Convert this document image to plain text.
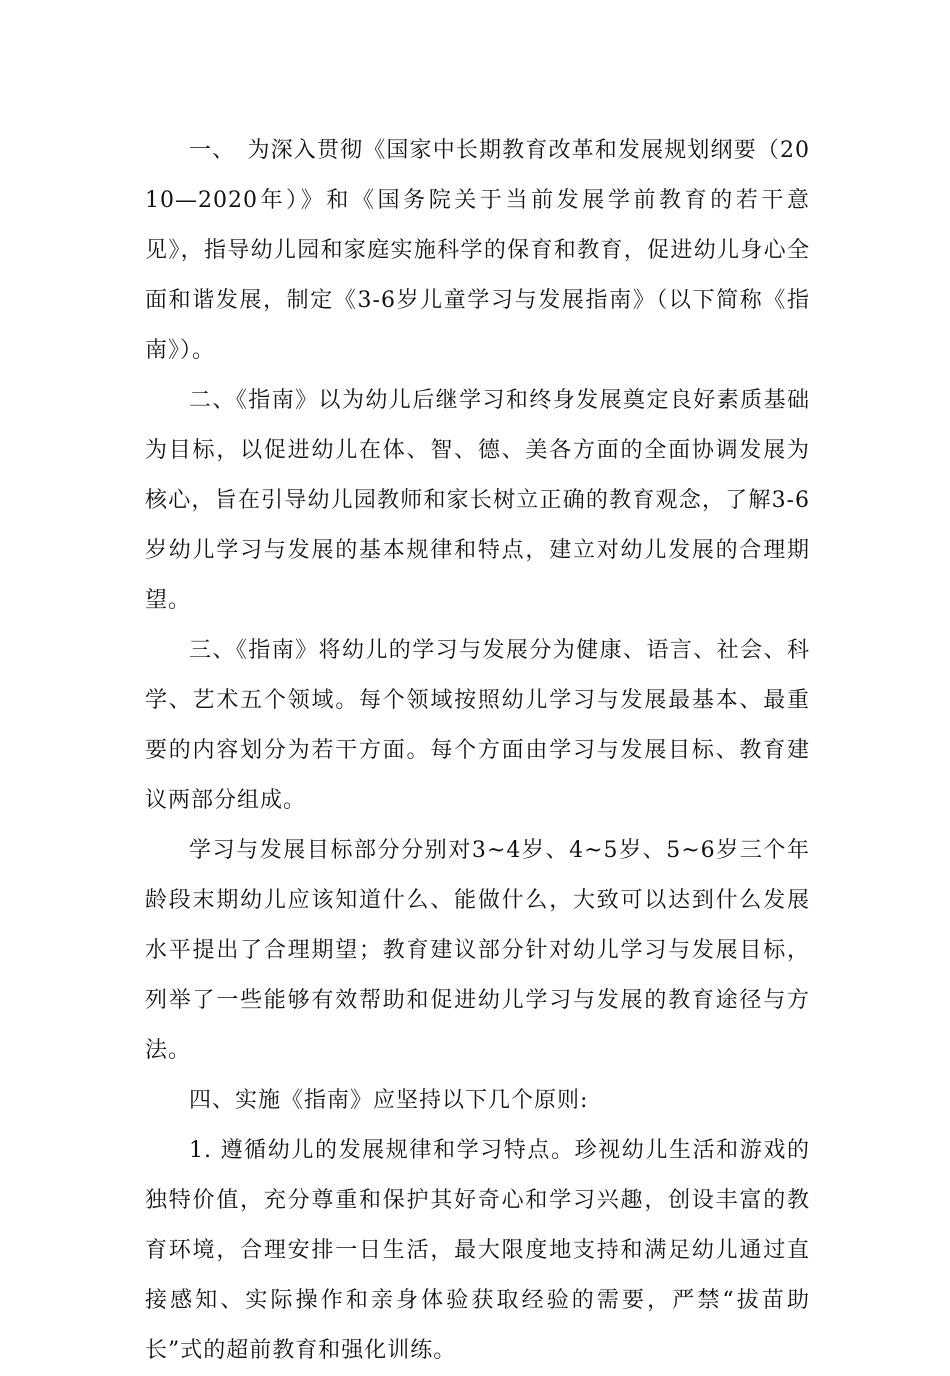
一、　为深入贯彻《国家中长期教育改革和发展规划纲要（2010—2020年）》和《国务院关于当前发展学前教育的若干意见》，指导幼儿园和家庭实施科学的保育和教育，促进幼儿身心全面和谐发展，制定《3-6岁儿童学习与发展指南》（以下简称《指南》）。

二、《指南》以为幼儿后继学习和终身发展奠定良好素质基础为目标，以促进幼儿在体、智、德、美各方面的全面协调发展为核心，旨在引导幼儿园教师和家长树立正确的教育观念，了解3-6岁幼儿学习与发展的基本规律和特点，建立对幼儿发展的合理期望。

三、《指南》将幼儿的学习与发展分为健康、语言、社会、科学、艺术五个领域。每个领域按照幼儿学习与发展最基本、最重要的内容划分为若干方面。每个方面由学习与发展目标、教育建议两部分组成。

学习与发展目标部分分别对3~4岁、4~5岁、5~6岁三个年龄段末期幼儿应该知道什么、能做什么，大致可以达到什么发展水平提出了合理期望；教育建议部分针对幼儿学习与发展目标，列举了一些能够有效帮助和促进幼儿学习与发展的教育途径与方法。

四、实施《指南》应坚持以下几个原则:

1. 遵循幼儿的发展规律和学习特点。珍视幼儿生活和游戏的独特价值，充分尊重和保护其好奇心和学习兴趣，创设丰富的教育环境，合理安排一日生活，最大限度地支持和满足幼儿通过直接感知、实际操作和亲身体验获取经验的需要，严禁“拔苗助长”式的超前教育和强化训练。
